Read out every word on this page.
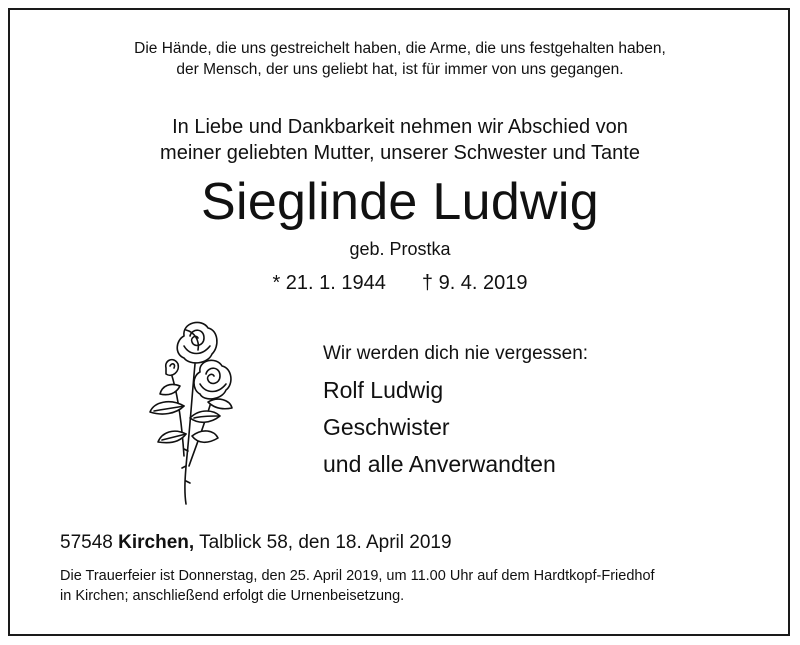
Die Hände, die uns gestreichelt haben, die Arme, die uns festgehalten haben,
der Mensch, der uns geliebt hat, ist für immer von uns gegangen.
In Liebe und Dankbarkeit nehmen wir Abschied von
meiner geliebten Mutter, unserer Schwester und Tante
Sieglinde Ludwig
geb. Prostka
* 21. 1. 1944 † 9. 4. 2019
Wir werden dich nie vergessen:
Rolf Ludwig
Geschwister
und alle Anverwandten
57548 Kirchen, Talblick 58, den 18. April 2019
Die Trauerfeier ist Donnerstag, den 25. April 2019, um 11.00 Uhr auf dem Hardtkopf-Friedhof
in Kirchen; anschließend erfolgt die Urnenbeisetzung.
